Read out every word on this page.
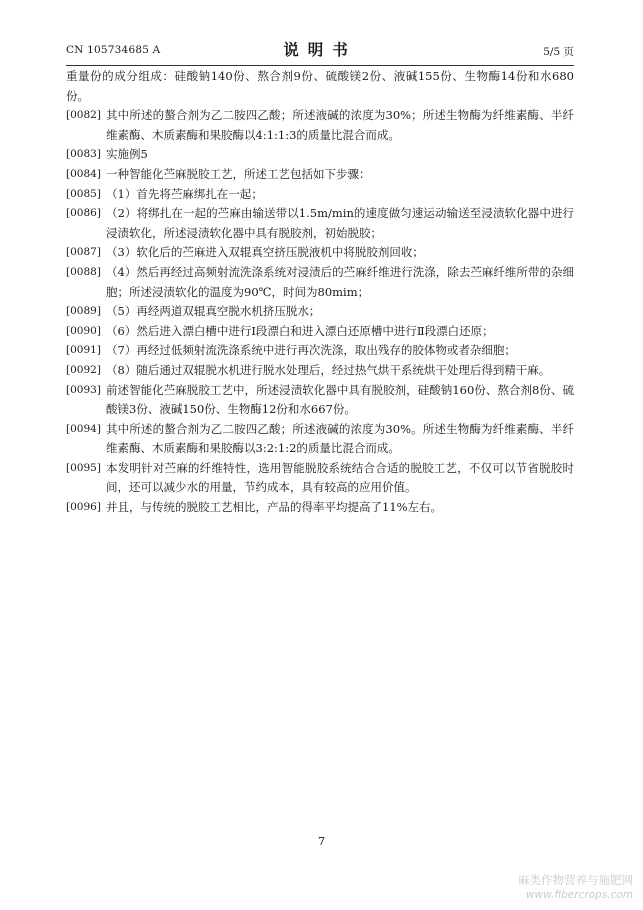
CN 105734685 A	说明书	5/5 页
重量份的成分组成：硅酸钠140份、熬合剂9份、硫酸镁2份、液碱155份、生物酶14份和水680份。
[0082] 其中所述的螯合剂为乙二胺四乙酸；所述液碱的浓度为30%；所述生物酶为纤维素酶、半纤维素酶、木质素酶和果胶酶以4:1:1:3的质量比混合而成。
[0083] 实施例5
[0084] 一种智能化苎麻脱胶工艺，所述工艺包括如下步骤：
[0085] （1）首先将苎麻绑扎在一起；
[0086] （2）将绑扎在一起的苎麻由输送带以1.5m/min的速度做匀速运动输送至浸渍软化器中进行浸渍软化，所述浸渍软化器中具有脱胶剂，初始脱胶；
[0087] （3）软化后的苎麻进入双辊真空挤压脱液机中将脱胶剂回收；
[0088] （4）然后再经过高频射流洗涤系统对浸渍后的苎麻纤维进行洗涤，除去苎麻纤维所带的杂细胞；所述浸渍软化的温度为90℃，时间为80mim；
[0089] （5）再经两道双辊真空脱水机挤压脱水；
[0090] （6）然后进入漂白槽中进行I段漂白和进入漂白还原槽中进行Ⅱ段漂白还原；
[0091] （7）再经过低频射流洗涤系统中进行再次洗涤，取出残存的胶体物或者杂细胞；
[0092] （8）随后通过双辊脱水机进行脱水处理后，经过热气烘干系统烘干处理后得到精干麻。
[0093] 前述智能化苎麻脱胶工艺中，所述浸渍软化器中具有脱胶剂，硅酸钠160份、熬合剂8份、硫酸镁3份、液碱150份、生物酶12份和水667份。
[0094] 其中所述的螯合剂为乙二胺四乙酸；所述液碱的浓度为30%。所述生物酶为纤维素酶、半纤维素酶、木质素酶和果胶酶以3:2:1:2的质量比混合而成。
[0095] 本发明针对苎麻的纤维特性，选用智能脱胶系统结合合适的脱胶工艺，不仅可以节省脱胶时间，还可以减少水的用量，节约成本，具有较高的应用价值。
[0096] 并且，与传统的脱胶工艺相比，产品的得率平均提高了11%左右。
7
麻类作物营养与施肥网
www.fibercrops.com
